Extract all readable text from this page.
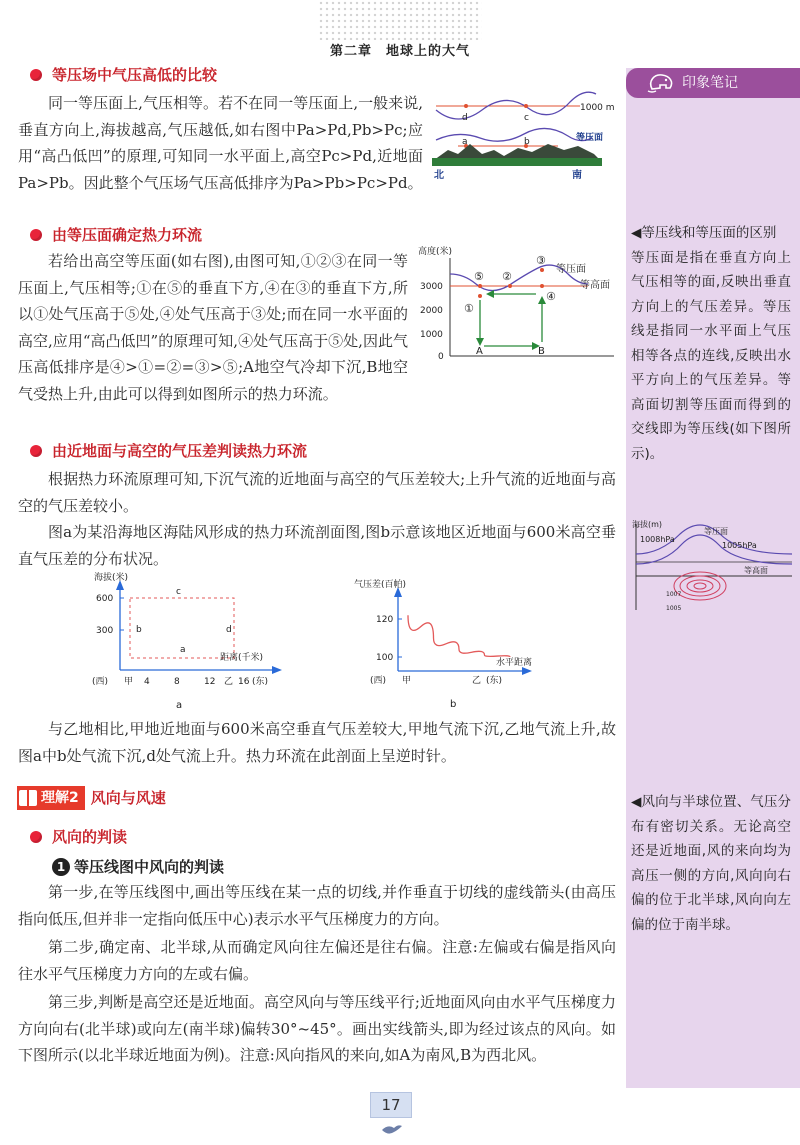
第二章　地球上的大气
印象笔记
◀等压线和等压面的区别
等压面是指在垂直方向上气压相等的面,反映出垂直方向上的气压差异。等压线是指同一水平面上气压相等各点的连线,反映出水平方向上的气压差异。等高面切割等压面而得到的交线即为等压线(如下图所示)。
海拔(m)
等压面
1008hPa
1005hPa
等高面
1007
1005
◀风向与半球位置、气压分布有密切关系。无论高空还是近地面,风的来向均为高压一侧的方向,风向向右偏的位于北半球,风向向左偏的位于南半球。
等压场中气压高低的比较
同一等压面上,气压相等。若不在同一等压面上,一般来说,垂直方向上,海拔越高,气压越低,如右图中Pa>Pd,Pb>Pc;应用“高凸低凹”的原理,可知同一水平面上,高空Pc>Pd,近地面Pa>Pb。因此整个气压场气压高低排序为Pa>Pb>Pc>Pd。
1000 m
等压面
d	c
a	b
北	南
由等压面确定热力环流
若给出高空等压面(如右图),由图可知,①②③在同一等压面上,气压相等;①在⑤的垂直下方,④在③的垂直下方,所以①处气压高于⑤处,④处气压高于③处;而在同一水平面的高空,应用“高凸低凹”的原理可知,④处气压高于⑤处,因此气压高低排序是④>①=②=③>⑤;A地空气冷却下沉,B地空气受热上升,由此可以得到如图所示的热力环流。
高度(米)
3000
2000
1000
0
等压面
等高面
①
②
③
④
⑤
A	B
由近地面与高空的气压差判读热力环流
根据热力环流原理可知,下沉气流的近地面与高空的气压差较大;上升气流的近地面与高空的气压差较小。
图a为某沿海地区海陆风形成的热力环流剖面图,图b示意该地区近地面与600米高空垂直气压差的分布状况。
海拔(米)
600
300
距离(千米)
c
b	d
a
(西) 甲 4	8	12 乙 16 (东)
a
气压差(百帕)
120
100	水平距离
(西) 甲	乙 (东)
b
与乙地相比,甲地近地面与600米高空垂直气压差较大,甲地气流下沉,乙地气流上升,故图a中b处气流下沉,d处气流上升。热力环流在此剖面上呈逆时针。
理解2 风向与风速
风向的判读
1 等压线图中风向的判读
第一步,在等压线图中,画出等压线在某一点的切线,并作垂直于切线的虚线箭头(由高压指向低压,但并非一定指向低压中心)表示水平气压梯度力的方向。
第二步,确定南、北半球,从而确定风向往左偏还是往右偏。注意:左偏或右偏是指风向往水平气压梯度力方向的左或右偏。
第三步,判断是高空还是近地面。高空风向与等压线平行;近地面风向由水平气压梯度力方向向右(北半球)或向左(南半球)偏转30°~45°。画出实线箭头,即为经过该点的风向。如下图所示(以北半球近地面为例)。注意:风向指风的来向,如A为南风,B为西北风。
17
